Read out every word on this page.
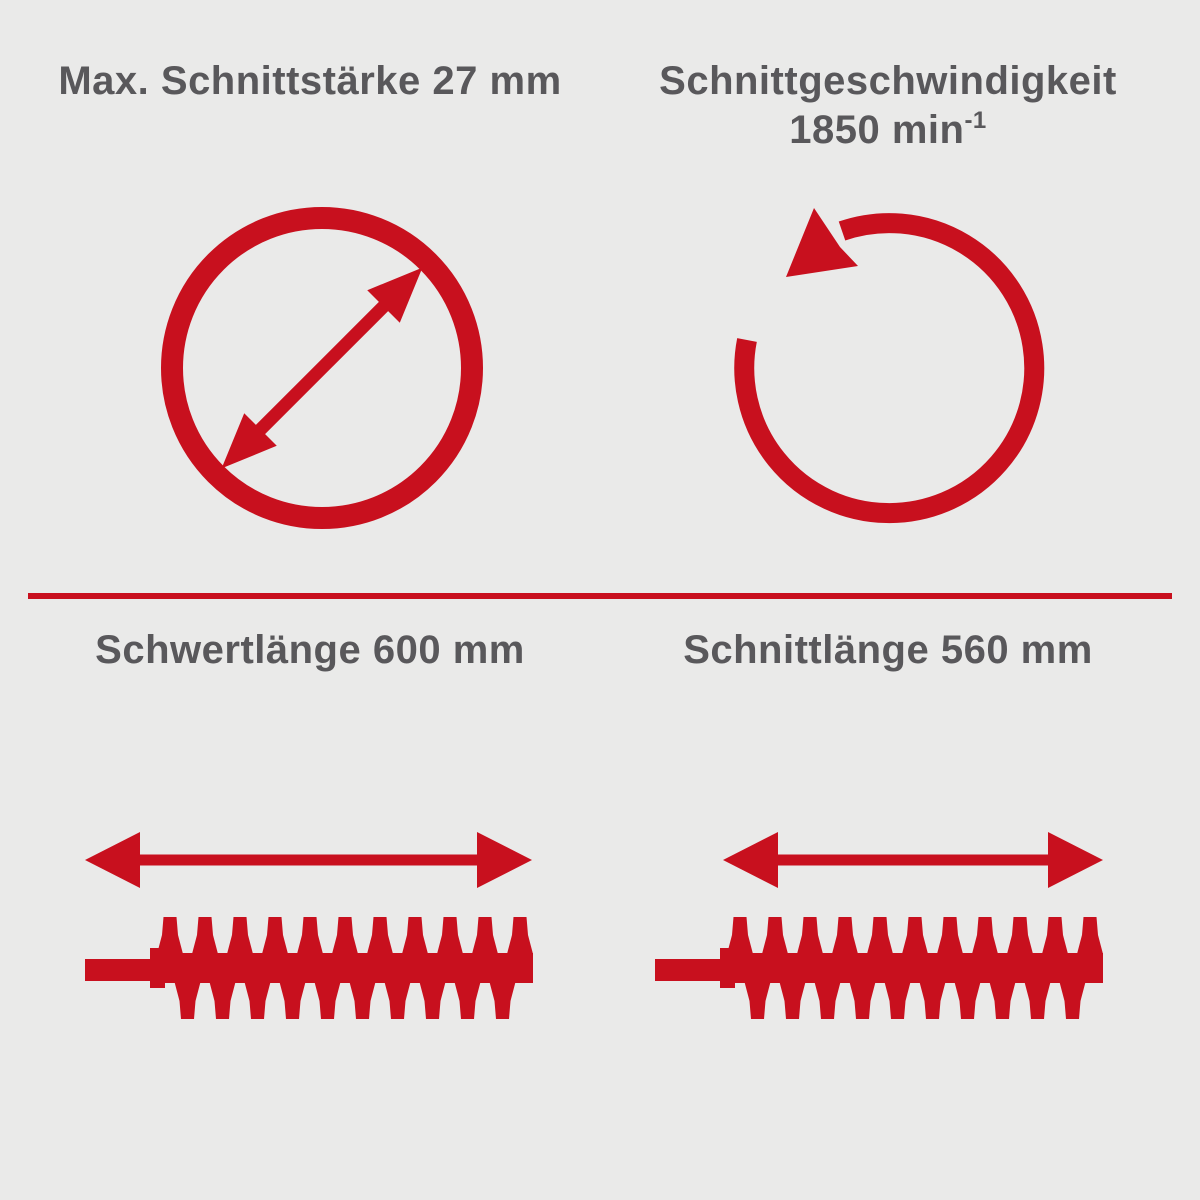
Max. Schnittstärke 27 mm	Schnittgeschwindigkeit
1850 $\min^{-1}$
Schwertlänge 600 mm	Schnittlänge 560 mm
